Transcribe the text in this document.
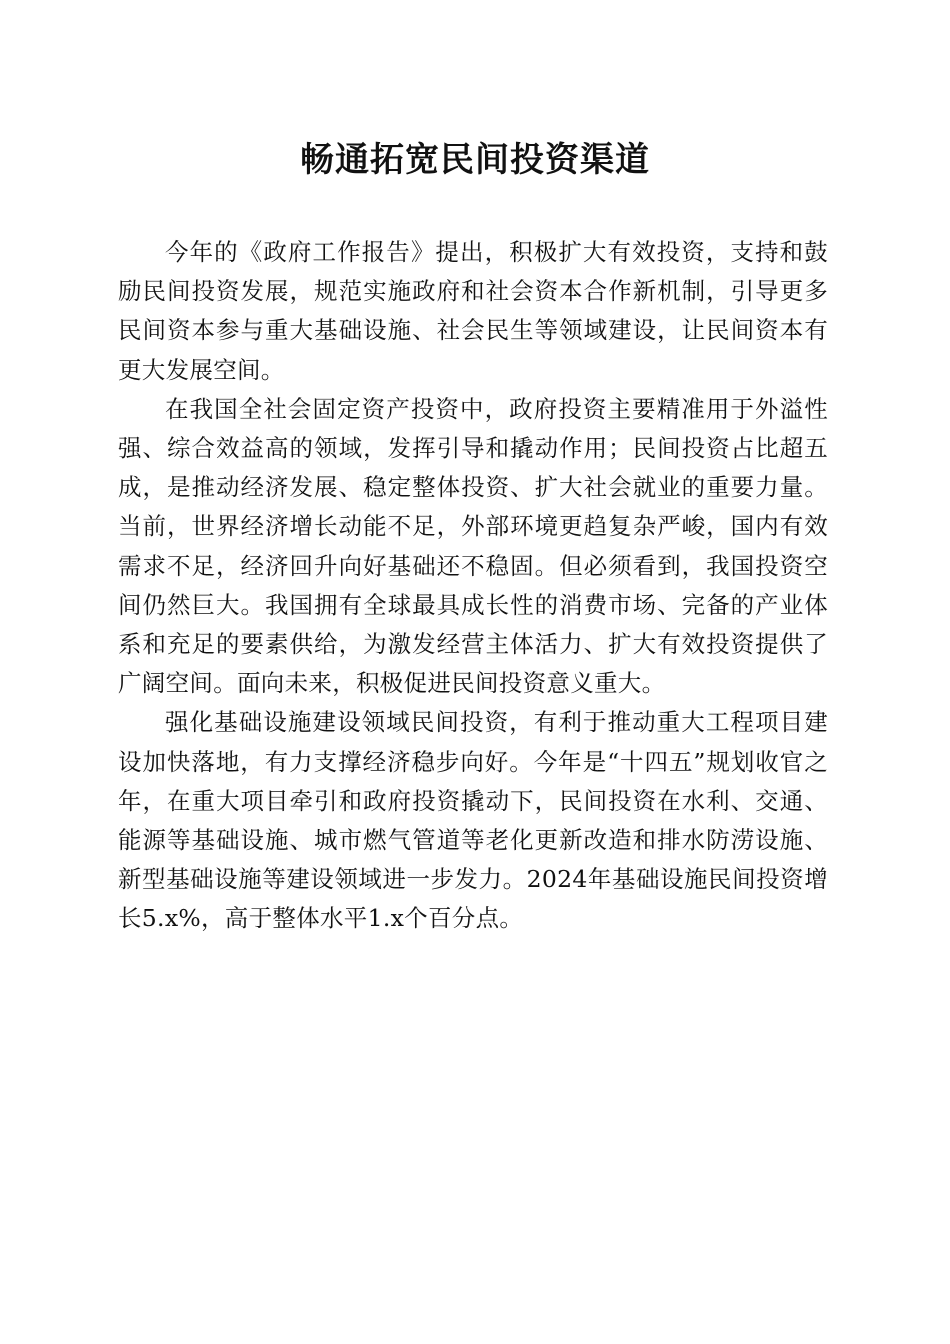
畅通拓宽民间投资渠道

今年的《政府工作报告》提出，积极扩大有效投资，支持和鼓励民间投资发展，规范实施政府和社会资本合作新机制，引导更多民间资本参与重大基础设施、社会民生等领域建设，让民间资本有更大发展空间。

在我国全社会固定资产投资中，政府投资主要精准用于外溢性强、综合效益高的领域，发挥引导和撬动作用；民间投资占比超五成，是推动经济发展、稳定整体投资、扩大社会就业的重要力量。当前，世界经济增长动能不足，外部环境更趋复杂严峻，国内有效需求不足，经济回升向好基础还不稳固。但必须看到，我国投资空间仍然巨大。我国拥有全球最具成长性的消费市场、完备的产业体系和充足的要素供给，为激发经营主体活力、扩大有效投资提供了广阔空间。面向未来，积极促进民间投资意义重大。

强化基础设施建设领域民间投资，有利于推动重大工程项目建设加快落地，有力支撑经济稳步向好。今年是“十四五”规划收官之年，在重大项目牵引和政府投资撬动下，民间投资在水利、交通、能源等基础设施、城市燃气管道等老化更新改造和排水防涝设施、新型基础设施等建设领域进一步发力。2024年基础设施民间投资增长5.x%，高于整体水平1.x个百分点。
